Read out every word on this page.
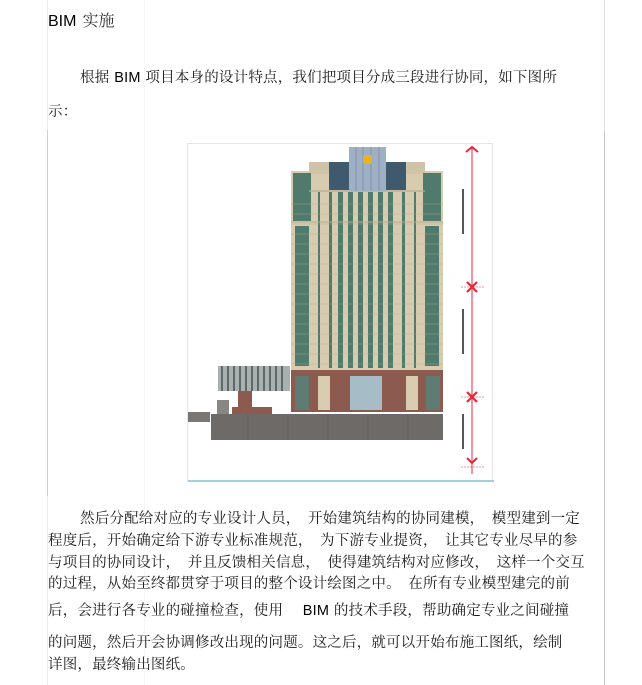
BIM 实施
根据 BIM 项目本身的设计特点，我们把项目分成三段进行协同，如下图所
示：
然后分配给对应的专业设计人员，　开始建筑结构的协同建模，　模型建到一定
程度后，开始确定给下游专业标准规范，　为下游专业提资，　让其它专业尽早的参
与项目的协同设计，　并且反馈相关信息，　使得建筑结构对应修改，　这样一个交互
的过程，从始至终都贯穿于项目的整个设计绘图之中。　在所有专业模型建完的前
后，会进行各专业的碰撞检查，使用　 BIM 的技术手段，帮助确定专业之间碰撞
的问题，然后开会协调修改出现的问题。这之后，就可以开始布施工图纸，绘制
详图，最终输出图纸。
